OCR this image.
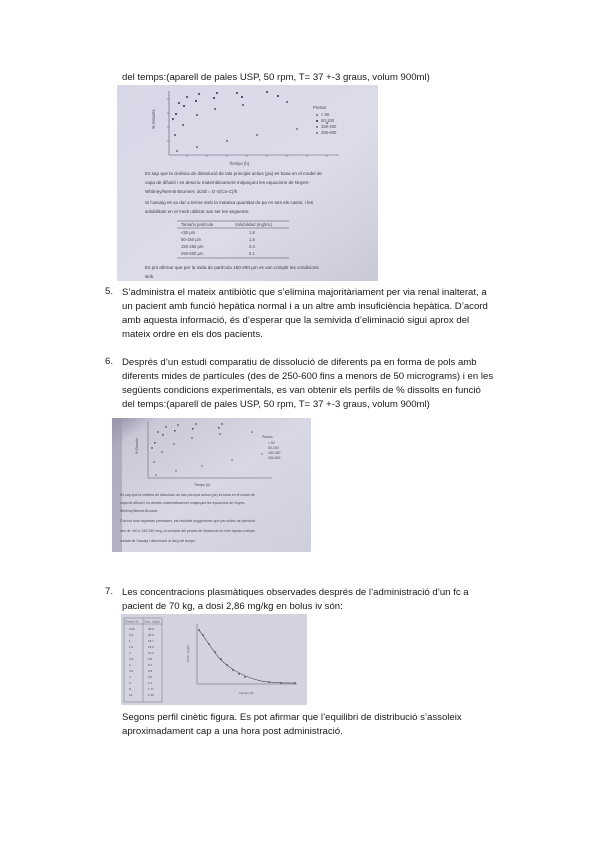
del temps:(aparell de pales USP, 50 rpm, T= 37 +-3 graus, volum 900ml)
% Dissolts
Tiempo (h)
Presos
< 50
50-150
150-250
250-600
Es sap que la cinètica de dissolució de tals principis actius (pa) es basa en el model de
capa de difusió i es descriu matemàticament mitjançant les equacions de Noyes-
Whitney/Nernst-Brunner: dc/dt = D·S(Cs-C)/h
Si l’assaig es va dur a terme amb la mateixa quantitat de pa en tots els casos, i les
solubilitats en el medi utilitzat van ser les següents:
Tamaño partícula	Solubilidad (mg/mL)
<50 µm	1.8
50-150 µm	1.8
150-250 µm	2.4
250-600 µm	0.1
Es pot afirmar que per la mida de partícula 150-250 µm es van complir les condicions
sink.
5. S’administra el mateix antibiòtic que s’elimina majoritàriament per via renal inalterat, a
un pacient amb funció hepàtica normal i a un altre amb insuficiència hepàtica. D’acord
amb aquesta informació, és d’esperar que la semivida d’eliminació sigui aprox del
mateix ordre en els dos pacients.
6. Després d’un estudi comparatiu de dissolució de diferents pa en forma de pols amb
diferents mides de partícules (des de 250-600 fins a menors de 50 micrograms) i en les
següents condicions experimentals, es van obtenir els perfils de % dissolts en funció
del temps:(aparell de pales USP, 50 rpm, T= 37 +-3 graus, volum 900ml)
% Dissolts
Tiempo (h)
Presos
< 50
50-150
150-250
250-600
Es sap que la cinètica de dissolució de tals principis actius (pa) es basa en el model de
capa de difusió i es descriu matemàticament mitjançant les equacions de Noyes-
Whitney/Nernst-Brunner.
D’acord amb aquestes premisses, els resultats suggereixen que per mides de partícula
des de <50 a 150-250 mcg, la velocitat del procés de dissolució és més ràpida a temps
inicials de l’assaig i disminueix al llarg del temps.
7. Les concentracions plasmàtiques observades després de l’administració d’un fc a
pacient de 70 kg, a dosi 2,86 mg/kg en bolus iv són:
Tiempo (h) Conc. (mg/L)
0.25	38.9
0.5	25.6
1	18.7
1.5	15.6
2	12.2
2.5	9.8
3	8.1
3.5	6.8
4	3.0
6	2.1
8	1.71
12	1.49
Conc. (mg/L)
Tiempo (h)
Segons perfil cinètic figura. Es pot afirmar que l’equilibri de distribució s’assoleix
aproximadament cap a una hora post administració.
